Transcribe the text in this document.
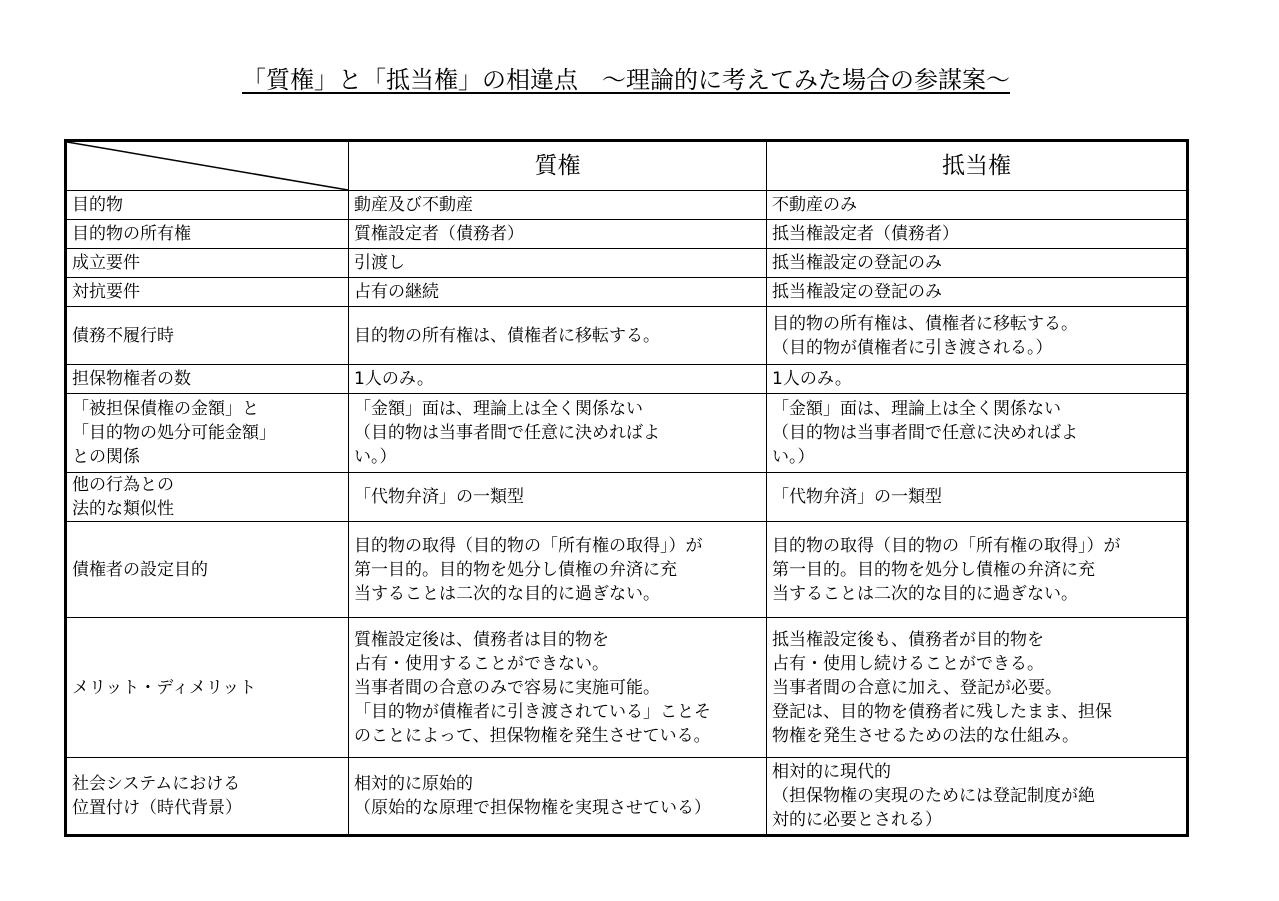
「質権」と「抵当権」の相違点　～理論的に考えてみた場合の参謀案～

	質権	抵当権
目的物	動産及び不動産	不動産のみ
目的物の所有権	質権設定者（債務者）	抵当権設定者（債務者）
成立要件	引渡し	抵当権設定の登記のみ
対抗要件	占有の継続	抵当権設定の登記のみ
債務不履行時	目的物の所有権は、債権者に移転する。	目的物の所有権は、債権者に移転する。
（目的物が債権者に引き渡される。）
担保物権者の数	1人のみ。	1人のみ。
「被担保債権の金額」と
「目的物の処分可能金額」
との関係	「金額」面は、理論上は全く関係ない
（目的物は当事者間で任意に決めればよ
い。）	「金額」面は、理論上は全く関係ない
（目的物は当事者間で任意に決めればよ
い。）
他の行為との
法的な類似性	「代物弁済」の一類型	「代物弁済」の一類型
債権者の設定目的	目的物の取得（目的物の「所有権の取得」）が
第一目的。目的物を処分し債権の弁済に充
当することは二次的な目的に過ぎない。	目的物の取得（目的物の「所有権の取得」）が
第一目的。目的物を処分し債権の弁済に充
当することは二次的な目的に過ぎない。
メリット・ディメリット	質権設定後は、債務者は目的物を
占有・使用することができない。
当事者間の合意のみで容易に実施可能。
「目的物が債権者に引き渡されている」ことそ
のことによって、担保物権を発生させている。	抵当権設定後も、債務者が目的物を
占有・使用し続けることができる。
当事者間の合意に加え、登記が必要。
登記は、目的物を債務者に残したまま、担保
物権を発生させるための法的な仕組み。
社会システムにおける
位置付け（時代背景）	相対的に原始的
（原始的な原理で担保物権を実現させている）	相対的に現代的
（担保物権の実現のためには登記制度が絶
対的に必要とされる）
